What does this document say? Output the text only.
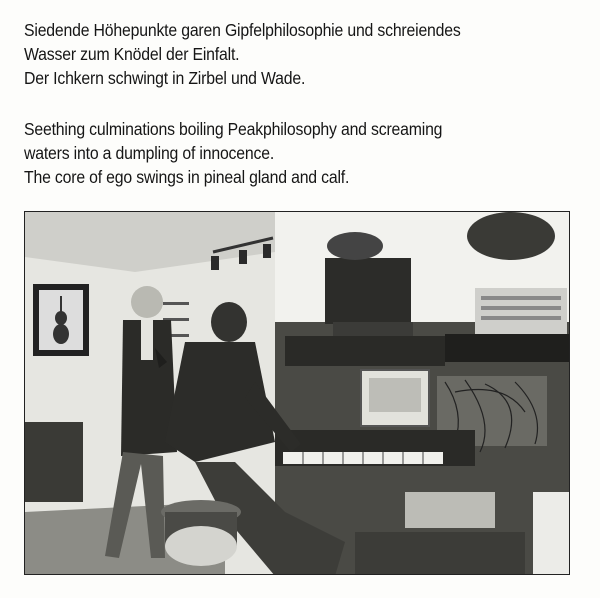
Siedende Höhepunkte garen Gipfelphilosophie und schreiendes
Wasser zum Knödel der Einfalt.
Der Ichkern schwingt in Zirbel und Wade.
Seething culminations boiling Peakphilosophy and screaming
waters into a dumpling of innocence.
The core of ego swings in pineal gland and calf.
